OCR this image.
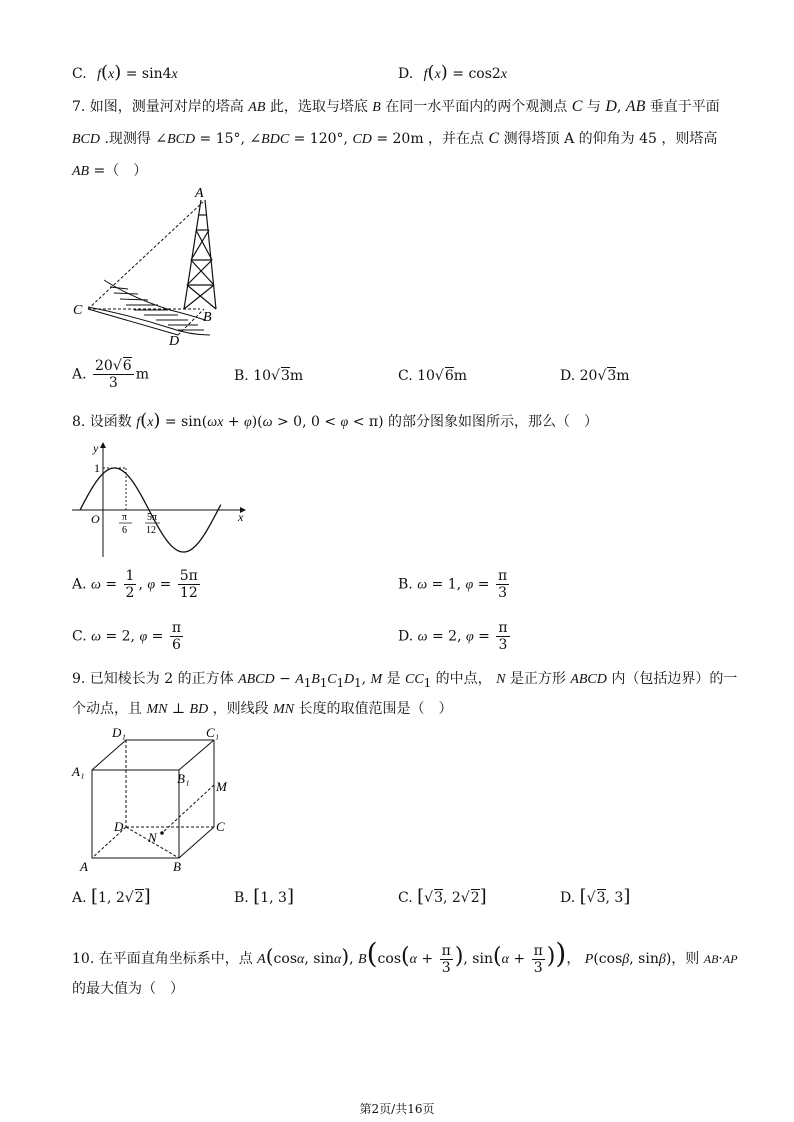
C. f(x) = sin4x	D. f(x) = cos2x
7. 如图，测量河对岸的塔高 AB 此，选取与塔底 B 在同一水平面内的两个观测点 C 与 D, AB 垂直于平面
BCD .现测得 ∠BCD = 15°, ∠BDC = 120°, CD = 20m ，并在点 C 测得塔顶 A 的仰角为 45 ，则塔高
AB =（　）
A
B
C
D
A. $\frac{20√6}{3}$ m	B. 10√3m	C. 10√6m	D. 20√3m
8. 设函数 f(x) = sin(ωx + φ)(ω > 0, 0 < φ < π) 的部分图象如图所示，那么（　）
y
x
O
1
π
6
5π
12
A. $\omega = \frac{1}{2}$ , $\varphi = \frac{5\pi}{12}$	B. ω = 1, $\varphi = \frac{\pi}{3}$
C. ω = 2, $\varphi = \frac{\pi}{6}$	D. ω = 2, $\varphi = \frac{\pi}{3}$
9. 已知棱长为 2 的正方体 ABCD − $A_1B_1C_1D_1$, M 是 $CC_1$ 的中点， N 是正方形 ABCD 内（包括边界）的一
个动点，且 MN ⊥ BD ，则线段 MN 长度的取值范围是（　）
D₁	C₁
A₁	B₁
M
D	C
N
A	B
A. [1, 2√2]	B. [1, 3]	C. [√3, 2√2]	D. [√3, 3]
10. 在平面直角坐标系中，点 A(cosα, sinα), $B(\cos(\alpha + \frac{\pi}{3}$ ), $\sin(\alpha + \frac{\pi}{3}$ ))， P(cosβ, sinβ)，则 AB·AP
的最大值为（　）
第2页/共16页
